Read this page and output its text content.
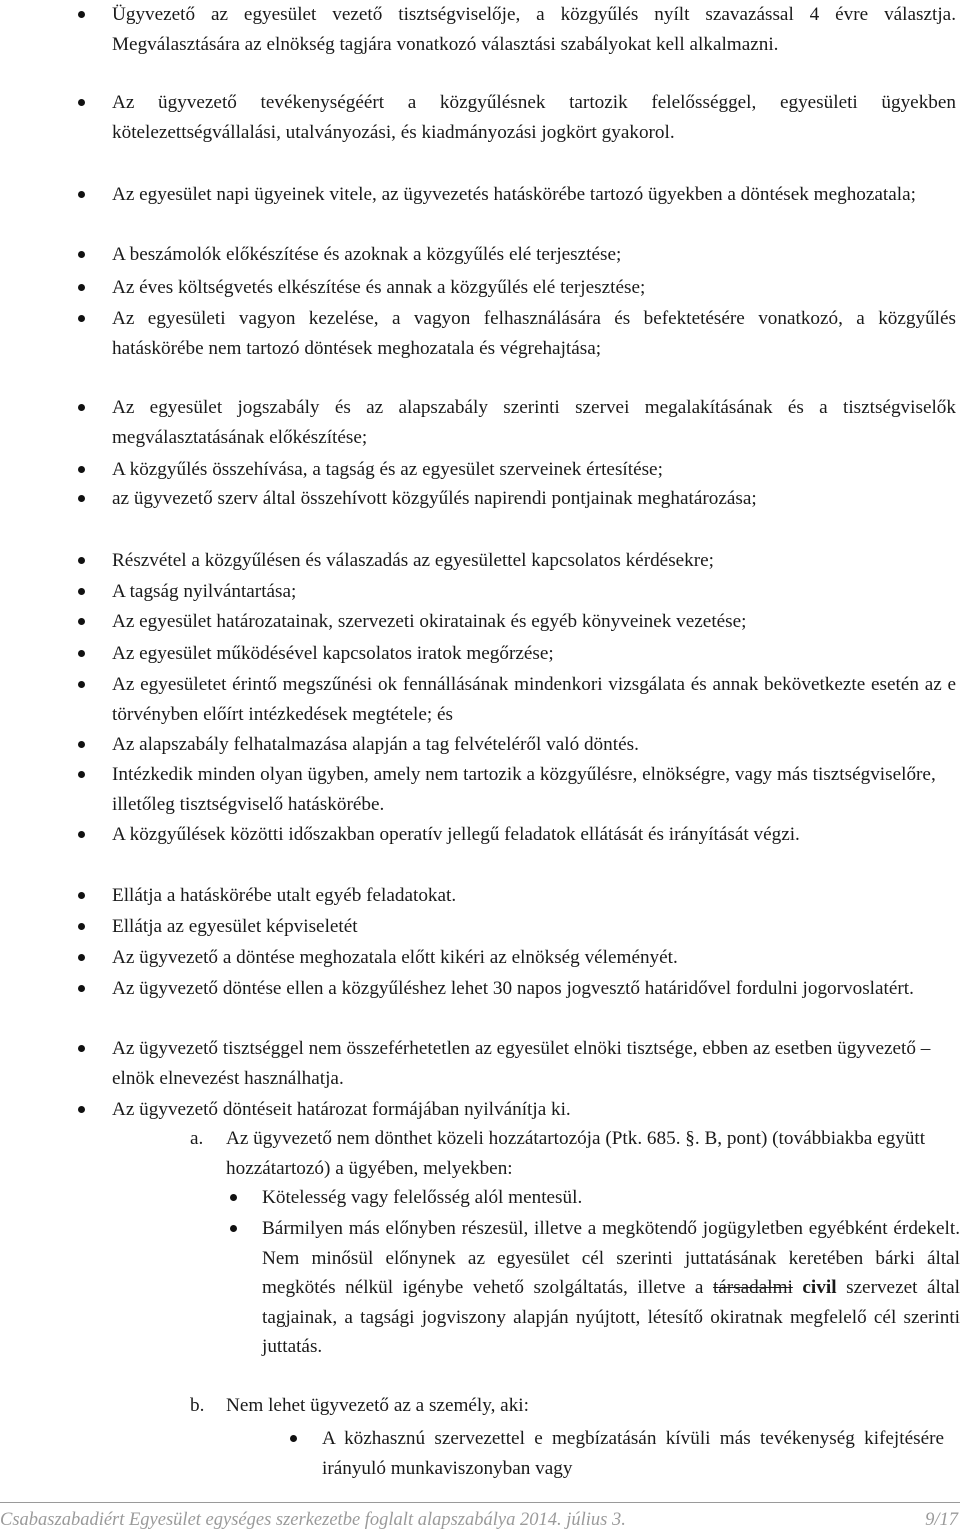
Ügyvezető az egyesület vezető tisztségviselője, a közgyűlés nyílt szavazással 4 évre választja. Megválasztására az elnökség tagjára vonatkozó választási szabályokat kell alkalmazni.
Az ügyvezető tevékenységéért a közgyűlésnek tartozik felelősséggel, egyesületi ügyekben kötelezettségvállalási, utalványozási, és kiadmányozási jogkört gyakorol.
Az egyesület napi ügyeinek vitele, az ügyvezetés hatáskörébe tartozó ügyekben a döntések meghozatala;
A beszámolók előkészítése és azoknak a közgyűlés elé terjesztése;
Az éves költségvetés elkészítése és annak a közgyűlés elé terjesztése;
Az egyesületi vagyon kezelése, a vagyon felhasználására és befektetésére vonatkozó, a közgyűlés hatáskörébe nem tartozó döntések meghozatala és végrehajtása;
Az egyesület jogszabály és az alapszabály szerinti szervei megalakításának és a tisztségviselők megválasztatásának előkészítése;
A közgyűlés összehívása, a tagság és az egyesület szerveinek értesítése;
az ügyvezető szerv által összehívott közgyűlés napirendi pontjainak meghatározása;
Részvétel a közgyűlésen és válaszadás az egyesülettel kapcsolatos kérdésekre;
A tagság nyilvántartása;
Az egyesület határozatainak, szervezeti okiratainak és egyéb könyveinek vezetése;
Az egyesület működésével kapcsolatos iratok megőrzése;
Az egyesületet érintő megszűnési ok fennállásának mindenkori vizsgálata és annak bekövetkezte esetén az e törvényben előírt intézkedések megtétele; és
Az alapszabály felhatalmazása alapján a tag felvételéről való döntés.
Intézkedik minden olyan ügyben, amely nem tartozik a közgyűlésre, elnökségre, vagy más tisztségviselőre, illetőleg tisztségviselő hatáskörébe.
A közgyűlések közötti időszakban operatív jellegű feladatok ellátását és irányítását végzi.
Ellátja a hatáskörébe utalt egyéb feladatokat.
Ellátja az egyesület képviseletét
Az ügyvezető a döntése meghozatala előtt kikéri az elnökség véleményét.
Az ügyvezető döntése ellen a közgyűléshez lehet 30 napos jogvesztő határidővel fordulni jogorvoslatért.
Az ügyvezető tisztséggel nem összeférhetetlen az egyesület elnöki tisztsége, ebben az esetben ügyvezető – elnök elnevezést használhatja.
Az ügyvezető döntéseit határozat formájában nyilvánítja ki.
a. Az ügyvezető nem dönthet közeli hozzátartozója (Ptk. 685. §. B, pont) (továbbiakba együtt hozzátartozó) a ügyében, melyekben:
Kötelesség vagy felelősség alól mentesül.
Bármilyen más előnyben részesül, illetve a megkötendő jogügyletben egyébként érdekelt. Nem minősül előnynek az egyesület cél szerinti juttatásának keretében bárki által megkötés nélkül igénybe vehető szolgáltatás, illetve a társadalmi civil szervezet által tagjainak, a tagsági jogviszony alapján nyújtott, létesítő okiratnak megfelelő cél szerinti juttatás.
b. Nem lehet ügyvezető az a személy, aki:
A közhasznú szervezettel e megbízatásán kívüli más tevékenység kifejtésére irányuló munkaviszonyban vagy
Csabaszabadiért Egyesület egységes szerkezetbe foglalt alapszabálya 2014. július 3.	9/17
